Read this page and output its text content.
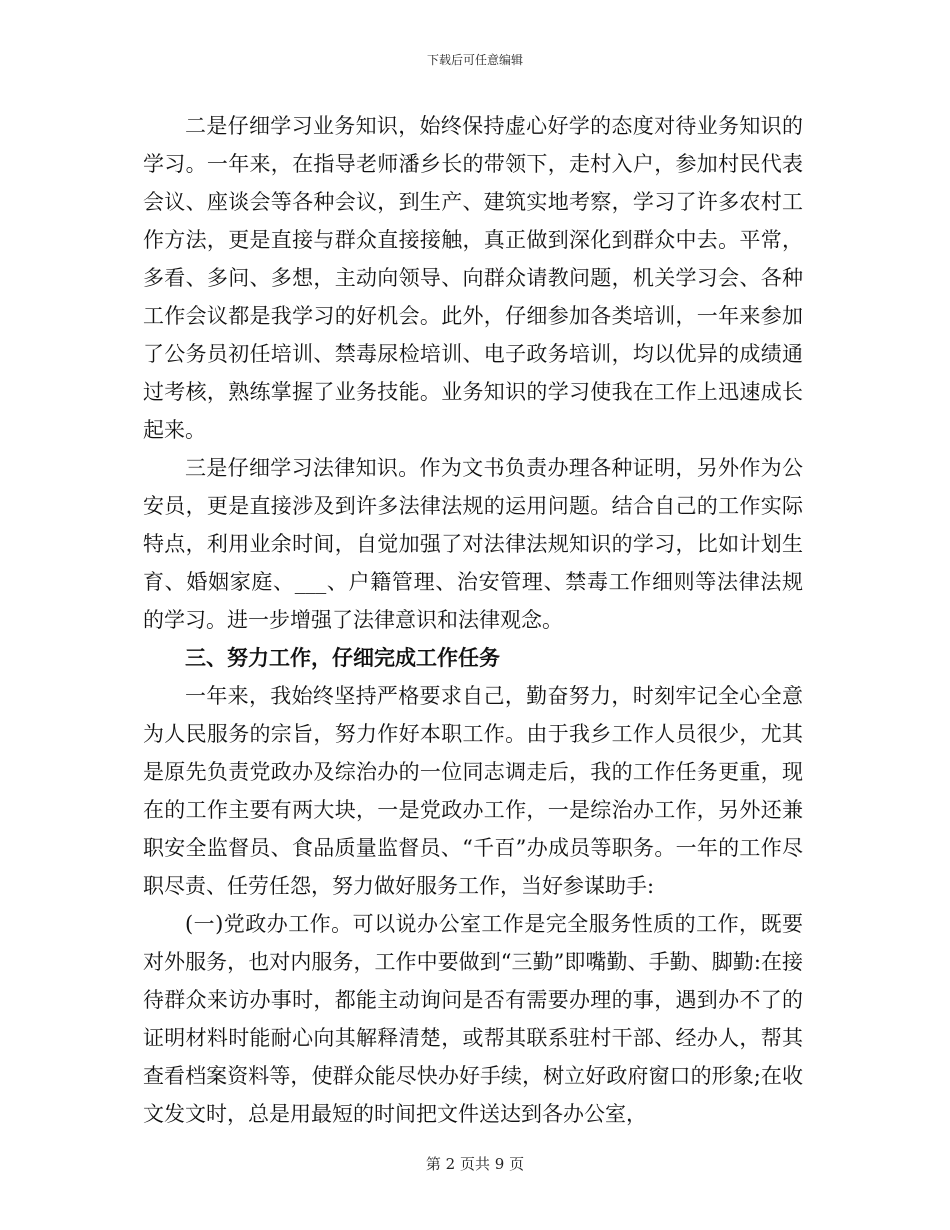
下载后可任意编辑

二是仔细学习业务知识，始终保持虚心好学的态度对待业务知识的学习。一年来，在指导老师潘乡长的带领下，走村入户，参加村民代表会议、座谈会等各种会议，到生产、建筑实地考察，学习了许多农村工作方法，更是直接与群众直接接触，真正做到深化到群众中去。平常，多看、多问、多想，主动向领导、向群众请教问题，机关学习会、各种工作会议都是我学习的好机会。此外，仔细参加各类培训，一年来参加了公务员初任培训、禁毒尿检培训、电子政务培训，均以优异的成绩通过考核，熟练掌握了业务技能。业务知识的学习使我在工作上迅速成长起来。

三是仔细学习法律知识。作为文书负责办理各种证明，另外作为公安员，更是直接涉及到许多法律法规的运用问题。结合自己的工作实际特点，利用业余时间，自觉加强了对法律法规知识的学习，比如计划生育、婚姻家庭、___、户籍管理、治安管理、禁毒工作细则等法律法规的学习。进一步增强了法律意识和法律观念。

三、努力工作，仔细完成工作任务

一年来，我始终坚持严格要求自己，勤奋努力，时刻牢记全心全意为人民服务的宗旨，努力作好本职工作。由于我乡工作人员很少，尤其是原先负责党政办及综治办的一位同志调走后，我的工作任务更重，现在的工作主要有两大块，一是党政办工作，一是综治办工作，另外还兼职安全监督员、食品质量监督员、“千百”办成员等职务。一年的工作尽职尽责、任劳任怨，努力做好服务工作，当好参谋助手:

(一)党政办工作。可以说办公室工作是完全服务性质的工作，既要对外服务，也对内服务，工作中要做到“三勤”即嘴勤、手勤、脚勤:在接待群众来访办事时，都能主动询问是否有需要办理的事，遇到办不了的证明材料时能耐心向其解释清楚，或帮其联系驻村干部、经办人，帮其查看档案资料等，使群众能尽快办好手续，树立好政府窗口的形象;在收文发文时，总是用最短的时间把文件送达到各办公室，

第 2 页共 9 页
